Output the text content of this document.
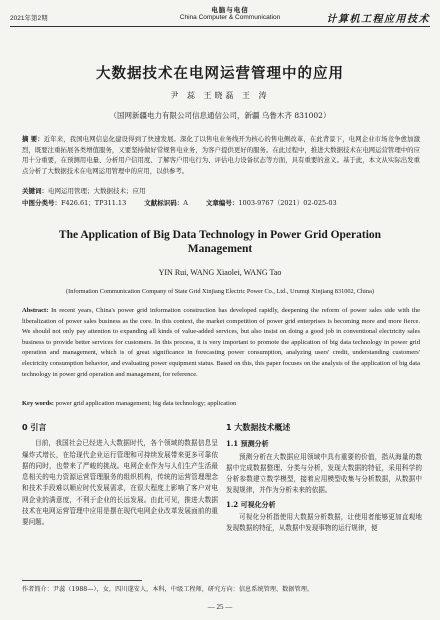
2021年第2期
电脑与电信
China Computer & Communication	计算机工程应用技术
大数据技术在电网运营管理中的应用
尹 蕊 王晓磊 王 涛
（国网新疆电力有限公司信息通信公司，新疆 乌鲁木齐 831002）
摘 要：近年来，我国电网信息化建设得到了快速发展。深化了以售电业务线开为核心的售电侧改革，在此背景下，电网企业市场竞争愈加激烈，既要注重拓展各类增值服务，又要坚持做好常规售电业务，为客户提供更好的服务。在此过程中，推进大数据技术在电网运营管理中的应用十分重要，在预测用电量、分析用户信用度、了解客户用电行为、评估电力设备状态等方面，具有重要的意义。基于此，本文从实际出发重点分析了大数据技术在电网运用管理中的应用，以供参考。
关键词：电网运用管理；大数据技术；应用
中图分类号：F426.61；TP311.13	文献标识码：A	文章编号：1003-9767（2021）02-025-03
The Application of Big Data Technology in Power Grid Operation Management
YIN Rui, WANG Xiaolei, WANG Tao
(Information Communication Company of State Grid Xinjiang Electric Power Co., Ltd., Urumqi Xinjiang 831002, China)
Abstract: In recent years, China's power grid information construction has developed rapidly, deepening the reform of power sales side with the liberalization of power sales business as the core. In this context, the market competition of power grid enterprises is becoming more and more fierce. We should not only pay attention to expanding all kinds of value-added services, but also insist on doing a good job in conventional electricity sales business to provide better services for customers. In this process, it is very important to promote the application of big data technology in power grid operation and management, which is of great significance in forecasting power consumption, analyzing users' credit, understanding customers' electricity consumption behavior, and evaluating power equipment status. Based on this, this paper focuses on the analysis of the application of big data technology in power grid operation and management, for reference.
Key words: power grid application management; big data technology; application
0 引言

目前，我国社会已经进入大数据时代，各个领域的数据信息呈爆炸式增长，在给现代企业运行管理和可持续发展带来更多可靠依据的同时，也带来了严峻的挑战。电网企业作为与人们生产生活最息相关的电力资源运营管理服务的组织机构，传统的运营管理理念和技术手段难以顺应时代发展需求，在很大程度上影响了客户对电网企业的满意度，不利于企业的长远发展。由此可见，推进大数据技术在电网运营管理中应用是摆在现代电网企业改革发展面前的重要问题。

1 大数据技术概述
1.1 预测分析

预测分析在大数据应用领域中具有重要的价值，指从海量的数据中完成数据整理、分类与分析，发现大数据的特征，采用科学的分析参数建立数学模型，接着应用模型收集与分析数据，从数据中发现规律，并作为分析未来的依据。

1.2 可视化分析

可视化分析指使用大数据分析数据，让使用者能够更加直观地发现数据的特征，从数据中发现事物的运行规律，便

作者简介：尹蕊（1988—），女，四川遂安人，本科，中级工程师，研究方向：信息系统管理、数据管理。
— 25 —
